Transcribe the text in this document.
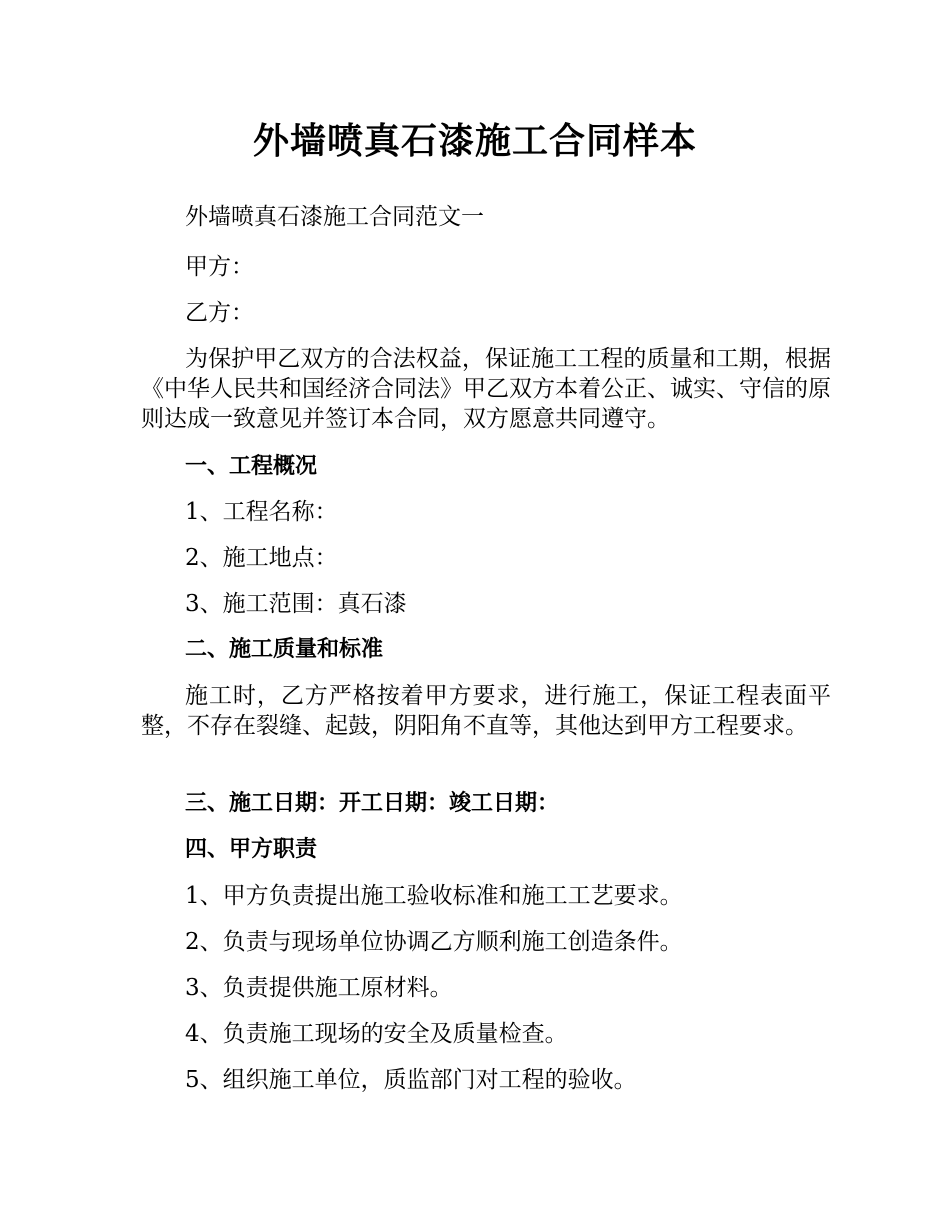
外墙喷真石漆施工合同样本
外墙喷真石漆施工合同范文一
甲方：
乙方：
为保护甲乙双方的合法权益，保证施工工程的质量和工期，根据《中华人民共和国经济合同法》甲乙双方本着公正、诚实、守信的原则达成一致意见并签订本合同，双方愿意共同遵守。
一、工程概况
1、工程名称：
2、施工地点：
3、施工范围：真石漆
二、施工质量和标准
施工时，乙方严格按着甲方要求，进行施工，保证工程表面平整，不存在裂缝、起鼓，阴阳角不直等，其他达到甲方工程要求。
三、施工日期：开工日期：竣工日期：
四、甲方职责
1、甲方负责提出施工验收标准和施工工艺要求。
2、负责与现场单位协调乙方顺利施工创造条件。
3、负责提供施工原材料。
4、负责施工现场的安全及质量检查。
5、组织施工单位，质监部门对工程的验收。
